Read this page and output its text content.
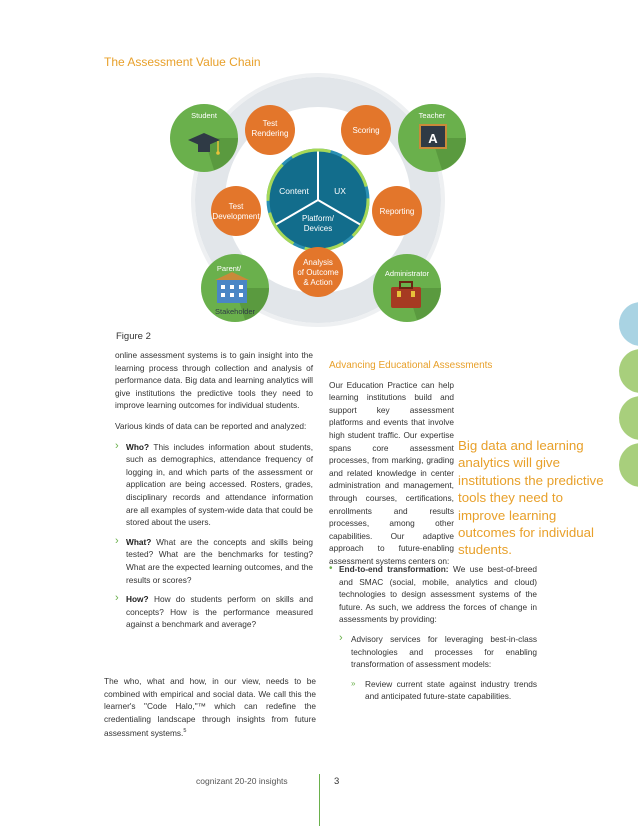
The Assessment Value Chain
Content	UX
Platform/
Devices
Test
Rendering	Scoring
Test
Development
Reporting
Analysis
of Outcome
& Action
Student	Teacher
A
Parent/
Stakeholder
Administrator
Figure 2

online assessment systems is to gain insight into the learning process through collection and analysis of performance data. Big data and learning analytics will give institutions the predictive tools they need to improve learning outcomes for individual students.

Various kinds of data can be reported and analyzed:

› Who? This includes information about students, such as demographics, attendance frequency of logging in, and which parts of the assessment or application are being accessed. Rosters, grades, disciplinary records and attendance information are all examples of system-wide data that could be stored about the users.
› What? What are the concepts and skills being tested? What are the benchmarks for testing? What are the expected learning outcomes, and the results or scores?
› How? How do students perform on skills and concepts? How is the performance measured against a benchmark and average?
The who, what and how, in our view, needs to be combined with empirical and social data. We call this the learner's "Code Halo,"™ which can redefine the credentialing landscape through insights from future assessment systems.$^5$
Advancing Educational Assessments
Our Education Practice can help learning institutions build and support key assessment platforms and events that involve high student traffic. Our expertise spans core assessment processes, from marking, grading and related knowledge in center administration and management, through courses, certifications, enrollments and results processes, among other capabilities. Our adaptive approach to future-enabling assessment systems centers on:
Big data and learning analytics will give institutions the predictive tools they need to improve learning outcomes for individual students.
• End-to-end transformation: We use best-of-breed and SMAC (social, mobile, analytics and cloud) technologies to design assessment systems of the future. As such, we address the forces of change in assessments by providing:
› Advisory services for leveraging best-in-class technologies and processes for enabling transformation of assessment models:
» Review current state against industry trends and anticipated future-state capabilities.
cognizant 20-20 insights	3
